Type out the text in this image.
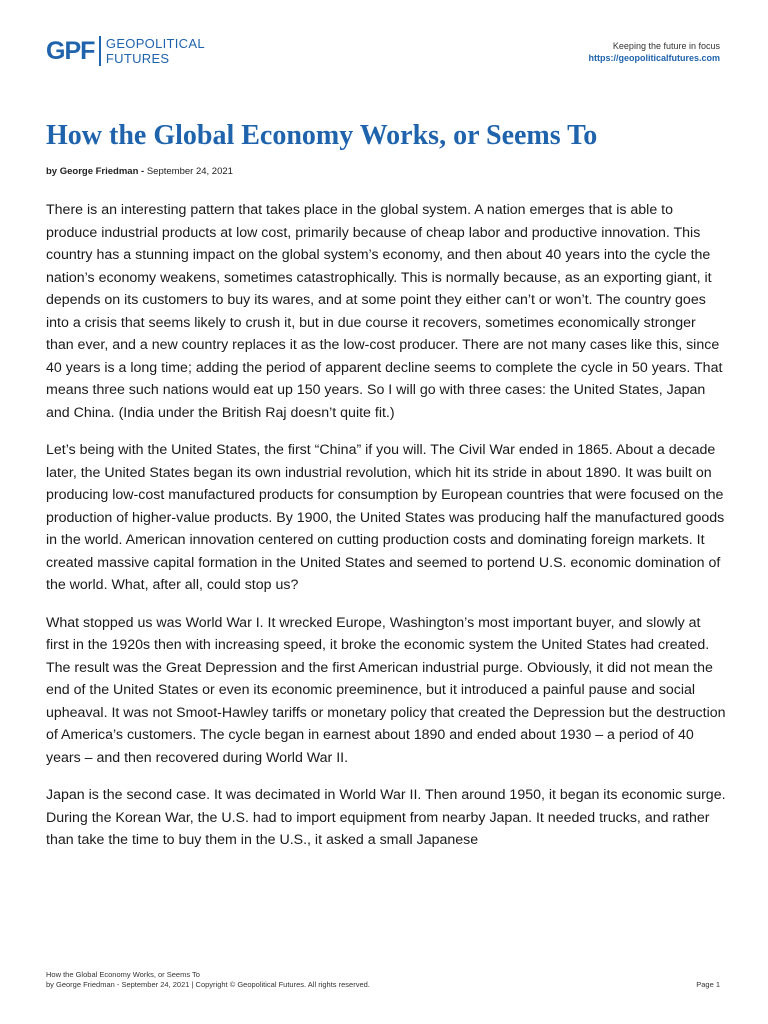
GPF GEOPOLITICAL
FUTURES
Keeping the future in focus
https://geopoliticalfutures.com
How the Global Economy Works, or Seems To
by George Friedman - September 24, 2021

There is an interesting pattern that takes place in the global system. A nation emerges that is able to produce industrial products at low cost, primarily because of cheap labor and productive innovation. This country has a stunning impact on the global system’s economy, and then about 40 years into the cycle the nation’s economy weakens, sometimes catastrophically. This is normally because, as an exporting giant, it depends on its customers to buy its wares, and at some point they either can’t or won’t. The country goes into a crisis that seems likely to crush it, but in due course it recovers, sometimes economically stronger than ever, and a new country replaces it as the low-cost producer. There are not many cases like this, since 40 years is a long time; adding the period of apparent decline seems to complete the cycle in 50 years. That means three such nations would eat up 150 years. So I will go with three cases: the United States, Japan and China. (India under the British Raj doesn’t quite fit.)

Let’s being with the United States, the first “China” if you will. The Civil War ended in 1865. About a decade later, the United States began its own industrial revolution, which hit its stride in about 1890. It was built on producing low-cost manufactured products for consumption by European countries that were focused on the production of higher-value products. By 1900, the United States was producing half the manufactured goods in the world. American innovation centered on cutting production costs and dominating foreign markets. It created massive capital formation in the United States and seemed to portend U.S. economic domination of the world. What, after all, could stop us?

What stopped us was World War I. It wrecked Europe, Washington’s most important buyer, and slowly at first in the 1920s then with increasing speed, it broke the economic system the United States had created. The result was the Great Depression and the first American industrial purge. Obviously, it did not mean the end of the United States or even its economic preeminence, but it introduced a painful pause and social upheaval. It was not Smoot-Hawley tariffs or monetary policy that created the Depression but the destruction of America’s customers. The cycle began in earnest about 1890 and ended about 1930 – a period of 40 years – and then recovered during World War II.

Japan is the second case. It was decimated in World War II. Then around 1950, it began its economic surge. During the Korean War, the U.S. had to import equipment from nearby Japan. It needed trucks, and rather than take the time to buy them in the U.S., it asked a small Japanese

How the Global Economy Works, or Seems To
by George Friedman - September 24, 2021 | Copyright © Geopolitical Futures. All rights reserved.	Page 1
